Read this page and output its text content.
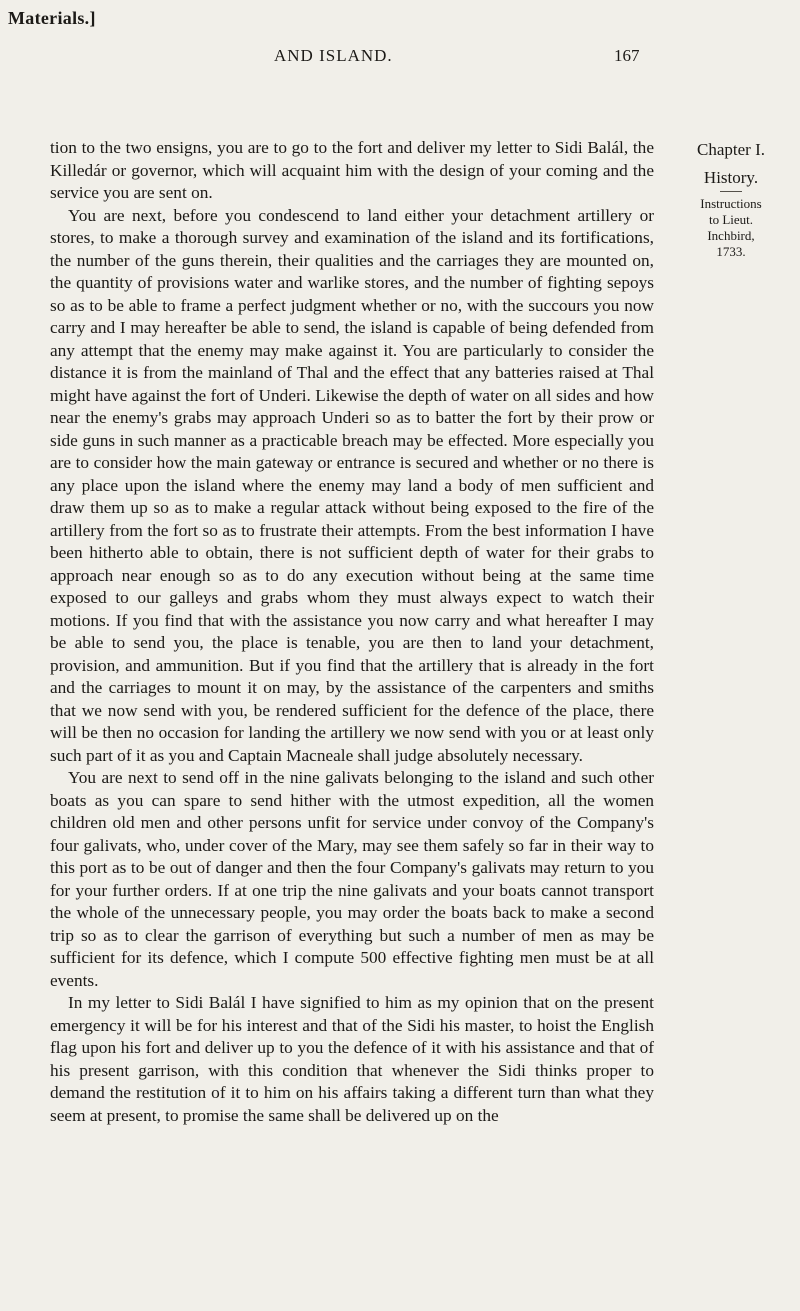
Materials.]
AND ISLAND.	167

tion to the two ensigns, you are to go to the fort and deliver my letter to Sidi Balál, the Killedár or governor, which will acquaint him with the design of your coming and the service you are sent on.

You are next, before you condescend to land either your detachment artillery or stores, to make a thorough survey and examination of the island and its fortifications, the number of the guns therein, their qualities and the carriages they are mounted on, the quantity of provisions water and warlike stores, and the number of fighting sepoys so as to be able to frame a perfect judgment whether or no, with the succours you now carry and I may hereafter be able to send, the island is capable of being defended from any attempt that the enemy may make against it. You are particularly to consider the distance it is from the mainland of Thal and the effect that any batteries raised at Thal might have against the fort of Underi. Likewise the depth of water on all sides and how near the enemy's grabs may approach Underi so as to batter the fort by their prow or side guns in such manner as a practicable breach may be effected. More especially you are to consider how the main gateway or entrance is secured and whether or no there is any place upon the island where the enemy may land a body of men sufficient and draw them up so as to make a regular attack without being exposed to the fire of the artillery from the fort so as to frustrate their attempts. From the best information I have been hitherto able to obtain, there is not sufficient depth of water for their grabs to approach near enough so as to do any execution without being at the same time exposed to our galleys and grabs whom they must always expect to watch their motions. If you find that with the assistance you now carry and what hereafter I may be able to send you, the place is tenable, you are then to land your detachment, provision, and ammunition. But if you find that the artillery that is already in the fort and the carriages to mount it on may, by the assistance of the carpenters and smiths that we now send with you, be rendered sufficient for the defence of the place, there will be then no occasion for landing the artillery we now send with you or at least only such part of it as you and Captain Macneale shall judge absolutely necessary.

You are next to send off in the nine galivats belonging to the island and such other boats as you can spare to send hither with the utmost expedition, all the women children old men and other persons unfit for service under convoy of the Company's four galivats, who, under cover of the Mary, may see them safely so far in their way to this port as to be out of danger and then the four Company's galivats may return to you for your further orders. If at one trip the nine galivats and your boats cannot transport the whole of the unnecessary people, you may order the boats back to make a second trip so as to clear the garrison of everything but such a number of men as may be sufficient for its defence, which I compute 500 effective fighting men must be at all events.

In my letter to Sidi Balál I have signified to him as my opinion that on the present emergency it will be for his interest and that of the Sidi his master, to hoist the English flag upon his fort and deliver up to you the defence of it with his assistance and that of his present garrison, with this condition that whenever the Sidi thinks proper to demand the restitution of it to him on his affairs taking a different turn than what they seem at present, to promise the same shall be delivered up on the

Chapter I.
History.
Instructions
to Lieut.
Inchbird,
1733.
